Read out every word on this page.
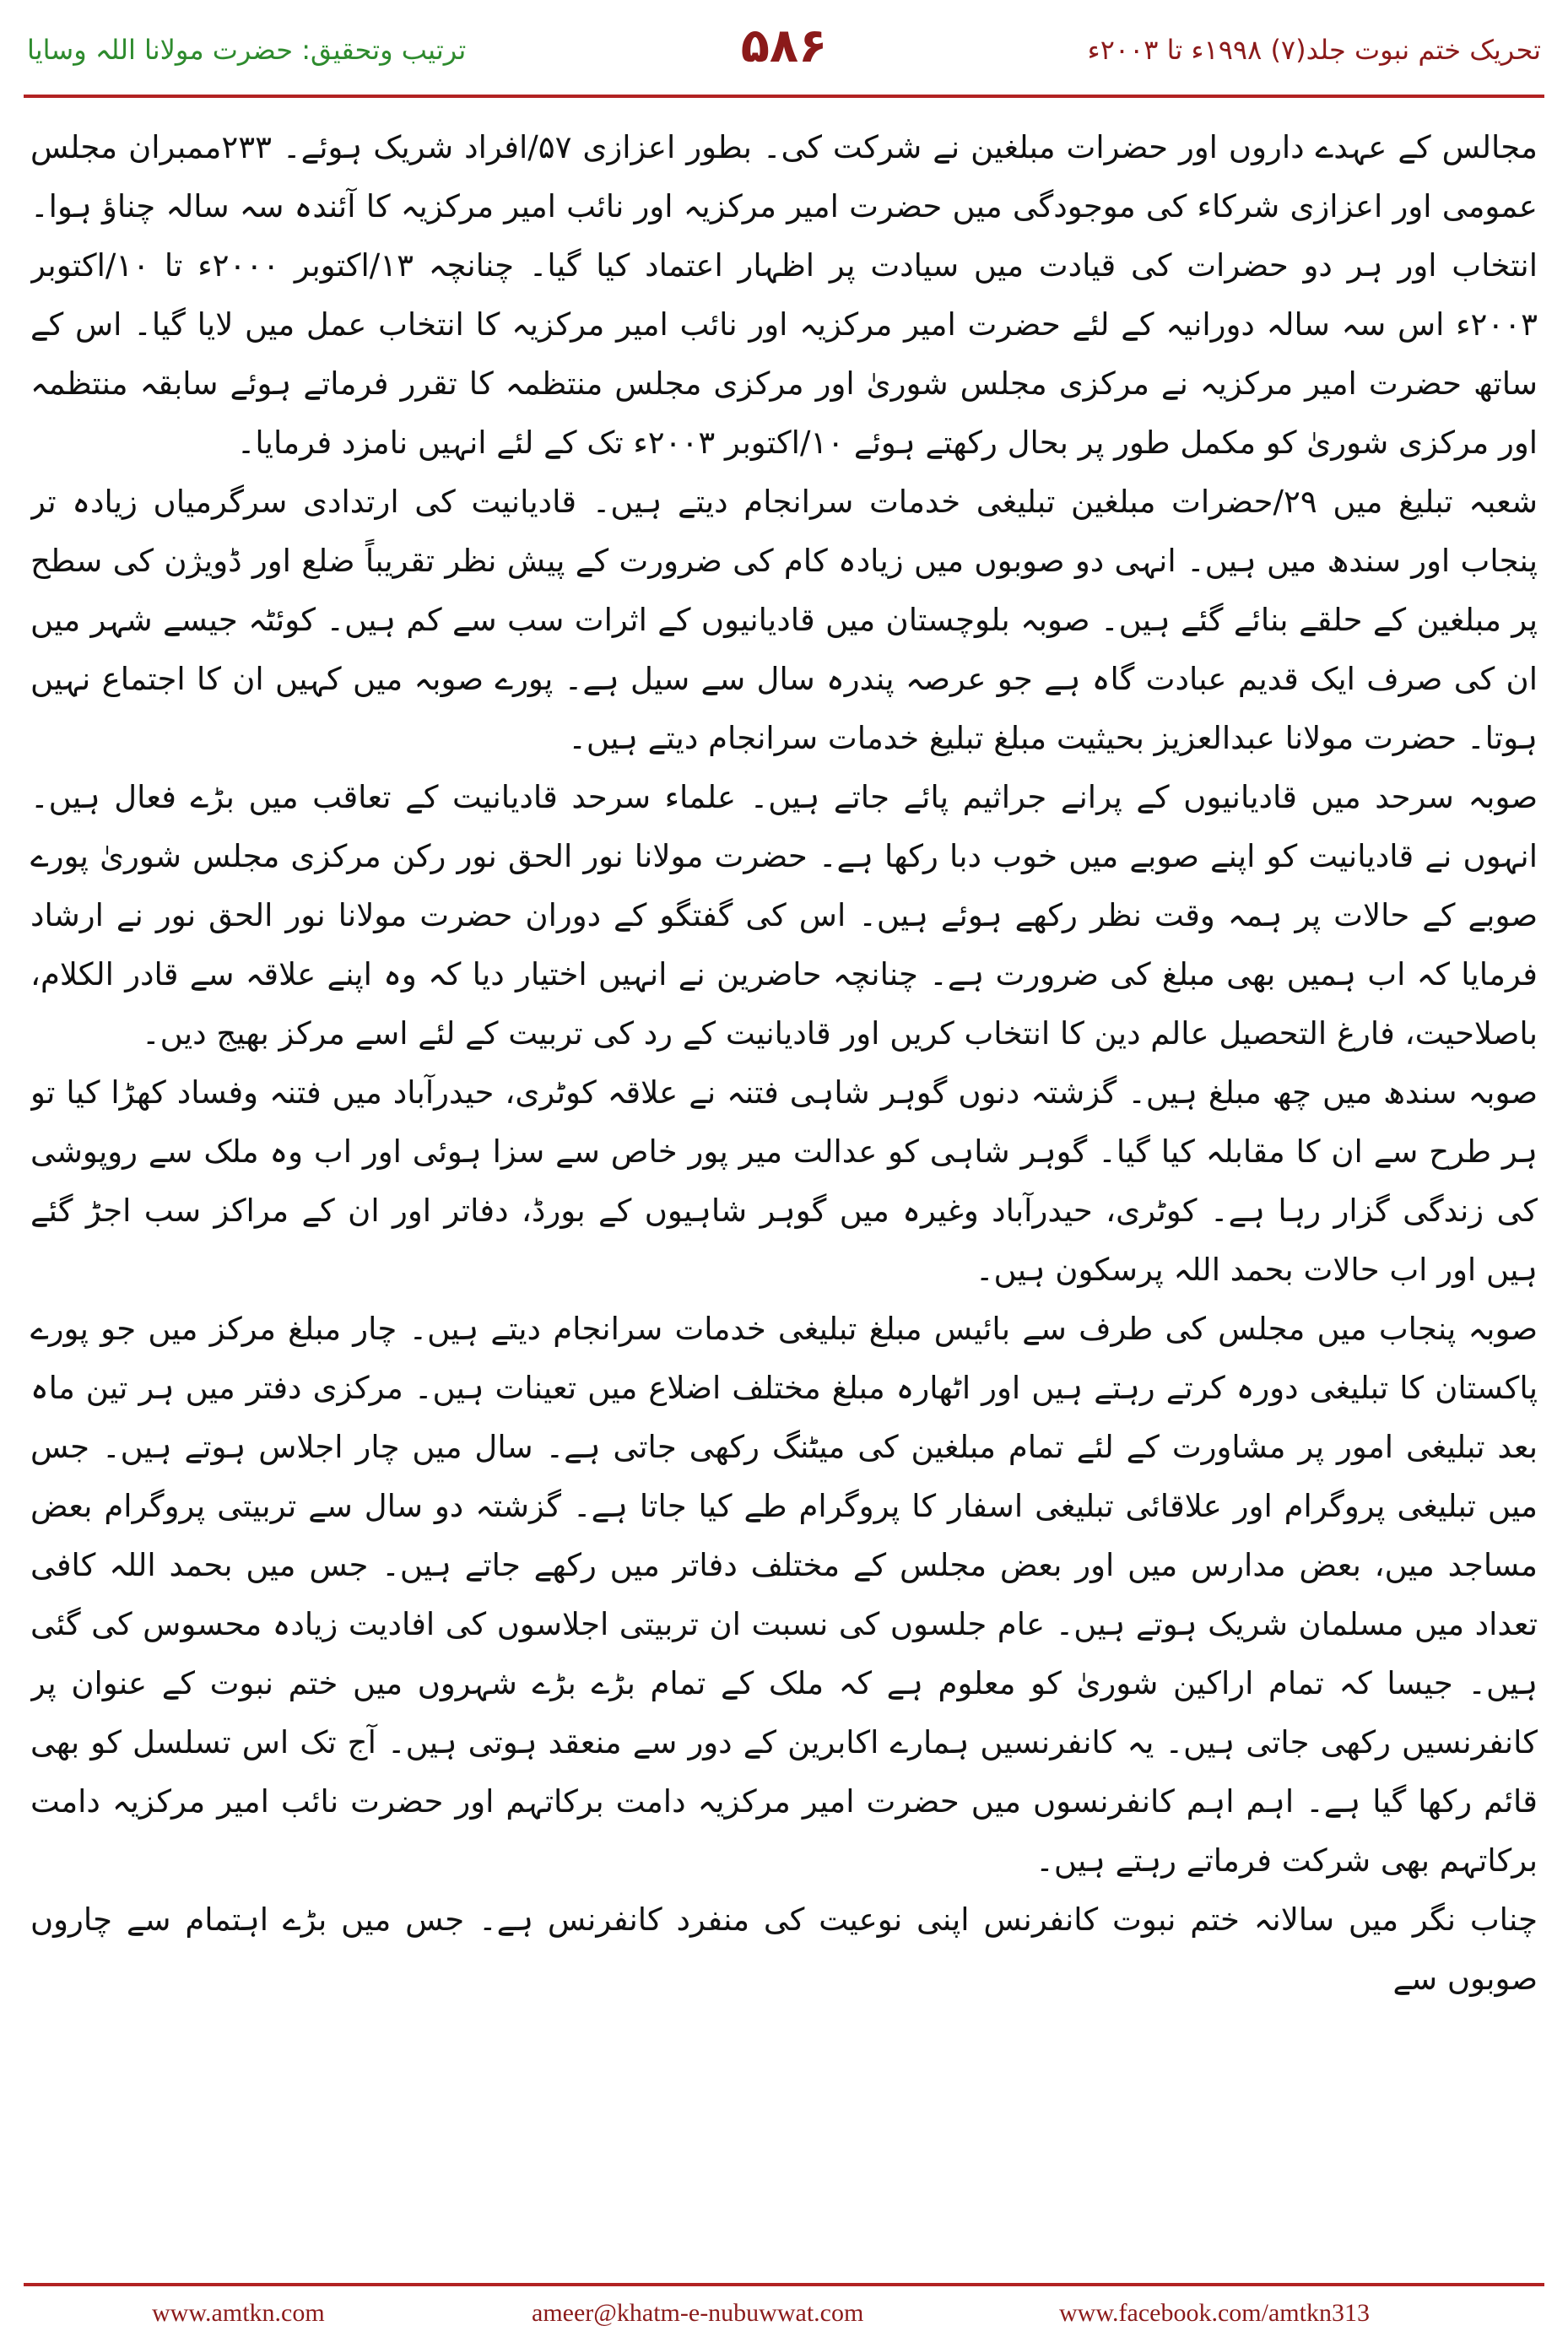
ترتیب وتحقیق: حضرت مولانا اللہ وسایا	۵۸۶	تحریک ختم نبوت جلد(۷) ۱۹۹۸ء تا ۲۰۰۳ء

مجالس کے عہدے داروں اور حضرات مبلغین نے شرکت کی۔ بطور اعزازی ۵۷/افراد شریک ہوئے۔ ۲۳۳ممبران مجلس عمومی اور اعزازی شرکاء کی موجودگی میں حضرت امیر مرکزیہ اور نائب امیر مرکزیہ کا آئندہ سہ سالہ چناؤ ہوا۔ انتخاب اور ہر دو حضرات کی قیادت میں سیادت پر اظہار اعتماد کیا گیا۔ چنانچہ ۱۳/اکتوبر ۲۰۰۰ء تا ۱۰/اکتوبر ۲۰۰۳ء اس سہ سالہ دورانیہ کے لئے حضرت امیر مرکزیہ اور نائب امیر مرکزیہ کا انتخاب عمل میں لایا گیا۔ اس کے ساتھ حضرت امیر مرکزیہ نے مرکزی مجلس شوریٰ اور مرکزی مجلس منتظمہ کا تقرر فرماتے ہوئے سابقہ منتظمہ اور مرکزی شوریٰ کو مکمل طور پر بحال رکھتے ہوئے ۱۰/اکتوبر ۲۰۰۳ء تک کے لئے انہیں نامزد فرمایا۔

شعبہ تبلیغ میں ۲۹/حضرات مبلغین تبلیغی خدمات سرانجام دیتے ہیں۔ قادیانیت کی ارتدادی سرگرمیاں زیادہ تر پنجاب اور سندھ میں ہیں۔ انہی دو صوبوں میں زیادہ کام کی ضرورت کے پیش نظر تقریباً ضلع اور ڈویژن کی سطح پر مبلغین کے حلقے بنائے گئے ہیں۔ صوبہ بلوچستان میں قادیانیوں کے اثرات سب سے کم ہیں۔ کوئٹہ جیسے شہر میں ان کی صرف ایک قدیم عبادت گاہ ہے جو عرصہ پندرہ سال سے سیل ہے۔ پورے صوبہ میں کہیں ان کا اجتماع نہیں ہوتا۔ حضرت مولانا عبدالعزیز بحیثیت مبلغ تبلیغ خدمات سرانجام دیتے ہیں۔

صوبہ سرحد میں قادیانیوں کے پرانے جراثیم پائے جاتے ہیں۔ علماء سرحد قادیانیت کے تعاقب میں بڑے فعال ہیں۔ انہوں نے قادیانیت کو اپنے صوبے میں خوب دبا رکھا ہے۔ حضرت مولانا نور الحق نور رکن مرکزی مجلس شوریٰ پورے صوبے کے حالات پر ہمہ وقت نظر رکھے ہوئے ہیں۔ اس کی گفتگو کے دوران حضرت مولانا نور الحق نور نے ارشاد فرمایا کہ اب ہمیں بھی مبلغ کی ضرورت ہے۔ چنانچہ حاضرین نے انہیں اختیار دیا کہ وہ اپنے علاقہ سے قادر الکلام، باصلاحیت، فارغ التحصیل عالم دین کا انتخاب کریں اور قادیانیت کے رد کی تربیت کے لئے اسے مرکز بھیج دیں۔

صوبہ سندھ میں چھ مبلغ ہیں۔ گزشتہ دنوں گوہر شاہی فتنہ نے علاقہ کوٹری، حیدرآباد میں فتنہ وفساد کھڑا کیا تو ہر طرح سے ان کا مقابلہ کیا گیا۔ گوہر شاہی کو عدالت میر پور خاص سے سزا ہوئی اور اب وہ ملک سے روپوشی کی زندگی گزار رہا ہے۔ کوٹری، حیدرآباد وغیرہ میں گوہر شاہیوں کے بورڈ، دفاتر اور ان کے مراکز سب اجڑ گئے ہیں اور اب حالات بحمد اللہ پرسکون ہیں۔

صوبہ پنجاب میں مجلس کی طرف سے بائیس مبلغ تبلیغی خدمات سرانجام دیتے ہیں۔ چار مبلغ مرکز میں جو پورے پاکستان کا تبلیغی دورہ کرتے رہتے ہیں اور اٹھارہ مبلغ مختلف اضلاع میں تعینات ہیں۔ مرکزی دفتر میں ہر تین ماہ بعد تبلیغی امور پر مشاورت کے لئے تمام مبلغین کی میٹنگ رکھی جاتی ہے۔ سال میں چار اجلاس ہوتے ہیں۔ جس میں تبلیغی پروگرام اور علاقائی تبلیغی اسفار کا پروگرام طے کیا جاتا ہے۔ گزشتہ دو سال سے تربیتی پروگرام بعض مساجد میں، بعض مدارس میں اور بعض مجلس کے مختلف دفاتر میں رکھے جاتے ہیں۔ جس میں بحمد اللہ کافی تعداد میں مسلمان شریک ہوتے ہیں۔ عام جلسوں کی نسبت ان تربیتی اجلاسوں کی افادیت زیادہ محسوس کی گئی ہیں۔ جیسا کہ تمام اراکین شوریٰ کو معلوم ہے کہ ملک کے تمام بڑے بڑے شہروں میں ختم نبوت کے عنوان پر کانفرنسیں رکھی جاتی ہیں۔ یہ کانفرنسیں ہمارے اکابرین کے دور سے منعقد ہوتی ہیں۔ آج تک اس تسلسل کو بھی قائم رکھا گیا ہے۔ اہم اہم کانفرنسوں میں حضرت امیر مرکزیہ دامت برکاتہم اور حضرت نائب امیر مرکزیہ دامت برکاتہم بھی شرکت فرماتے رہتے ہیں۔

چناب نگر میں سالانہ ختم نبوت کانفرنس اپنی نوعیت کی منفرد کانفرنس ہے۔ جس میں بڑے اہتمام سے چاروں صوبوں سے

www.amtkn.com	ameer@khatm-e-nubuwwat.com	www.facebook.com/amtkn313
